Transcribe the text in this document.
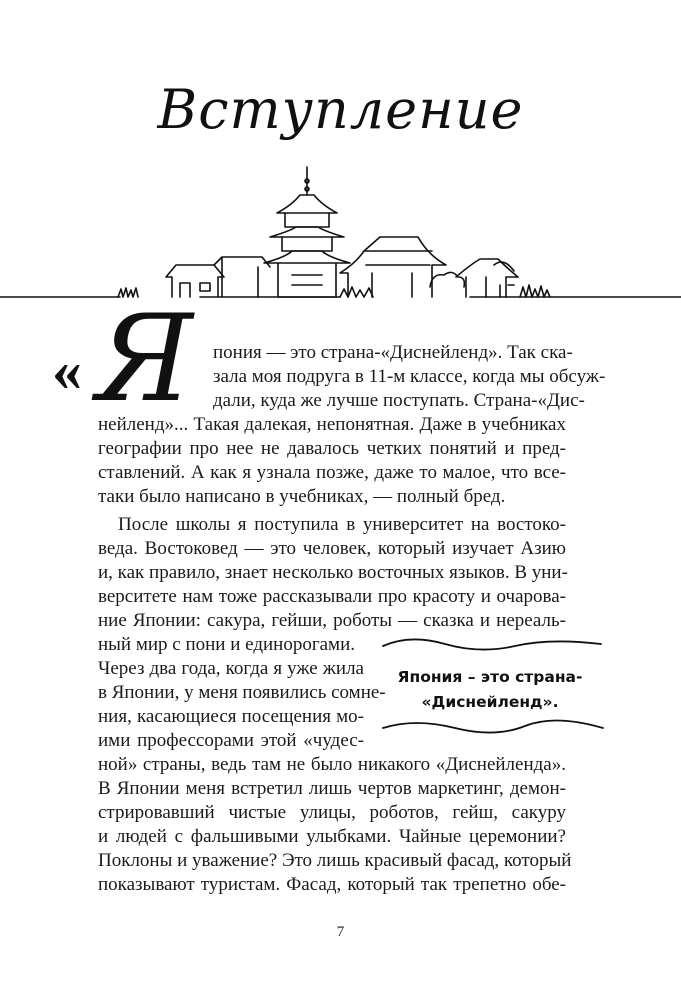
Вступление
« Я пония — это страна-«Диснейленд». Так ска-
зала моя подруга в 11-м классе, когда мы обсуж-
дали, куда же лучше поступать. Страна-«Дис-
нейленд»... Такая далекая, непонятная. Даже в учебниках
географии про нее не давалось четких понятий и пред-
ставлений. А как я узнала позже, даже то малое, что все-
таки было написано в учебниках, — полный бред.
После школы я поступила в университет на востоко-
веда. Востоковед — это человек, который изучает Азию
и, как правило, знает несколько восточных языков. В уни-
верситете нам тоже рассказывали про красоту и очарова-
ние Японии: сакура, гейши, роботы — сказка и нереаль-
ный мир с пони и единорогами.
Через два года, когда я уже жила
в Японии, у меня появились сомне-
ния, касающиеся посещения мо-
ими профессорами этой «чудес-
ной» страны, ведь там не было никакого «Диснейленда».
В Японии меня встретил лишь чертов маркетинг, демон-
стрировавший чистые улицы, роботов, гейш, сакуру
и людей с фальшивыми улыбками. Чайные церемонии?
Поклоны и уважение? Это лишь красивый фасад, который
показывают туристам. Фасад, который так трепетно обе-
Япония – это страна-
«Диснейленд».
7
